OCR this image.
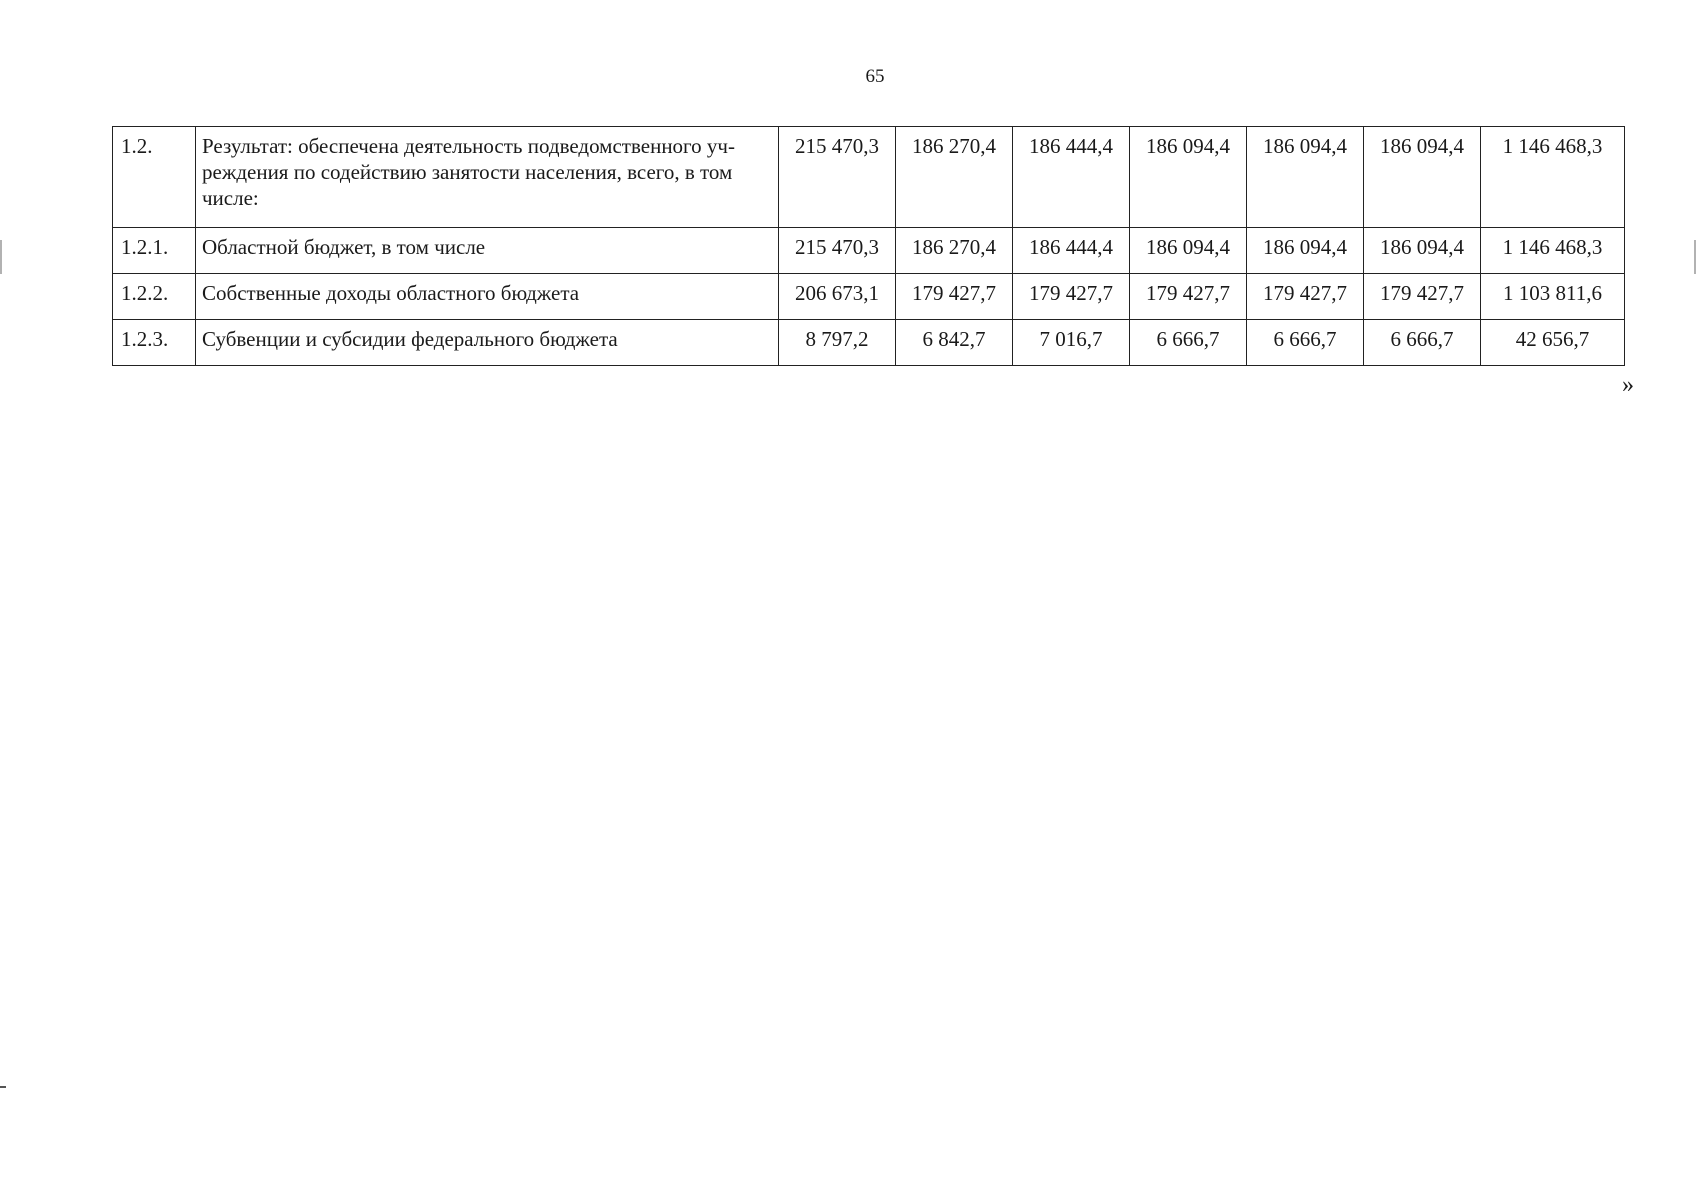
65
1.2.	Результат: обеспечена деятельность подведомственного уч-реждения по содействию занятости населения, всего, в том числе:	215 470,3	186 270,4	186 444,4	186 094,4	186 094,4	186 094,4	1 146 468,3
1.2.1.	Областной бюджет, в том числе	215 470,3	186 270,4	186 444,4	186 094,4	186 094,4	186 094,4	1 146 468,3
1.2.2.	Собственные доходы областного бюджета	206 673,1	179 427,7	179 427,7	179 427,7	179 427,7	179 427,7	1 103 811,6
1.2.3.	Субвенции и субсидии федерального бюджета	8 797,2	6 842,7	7 016,7	6 666,7	6 666,7	6 666,7	42 656,7
»
